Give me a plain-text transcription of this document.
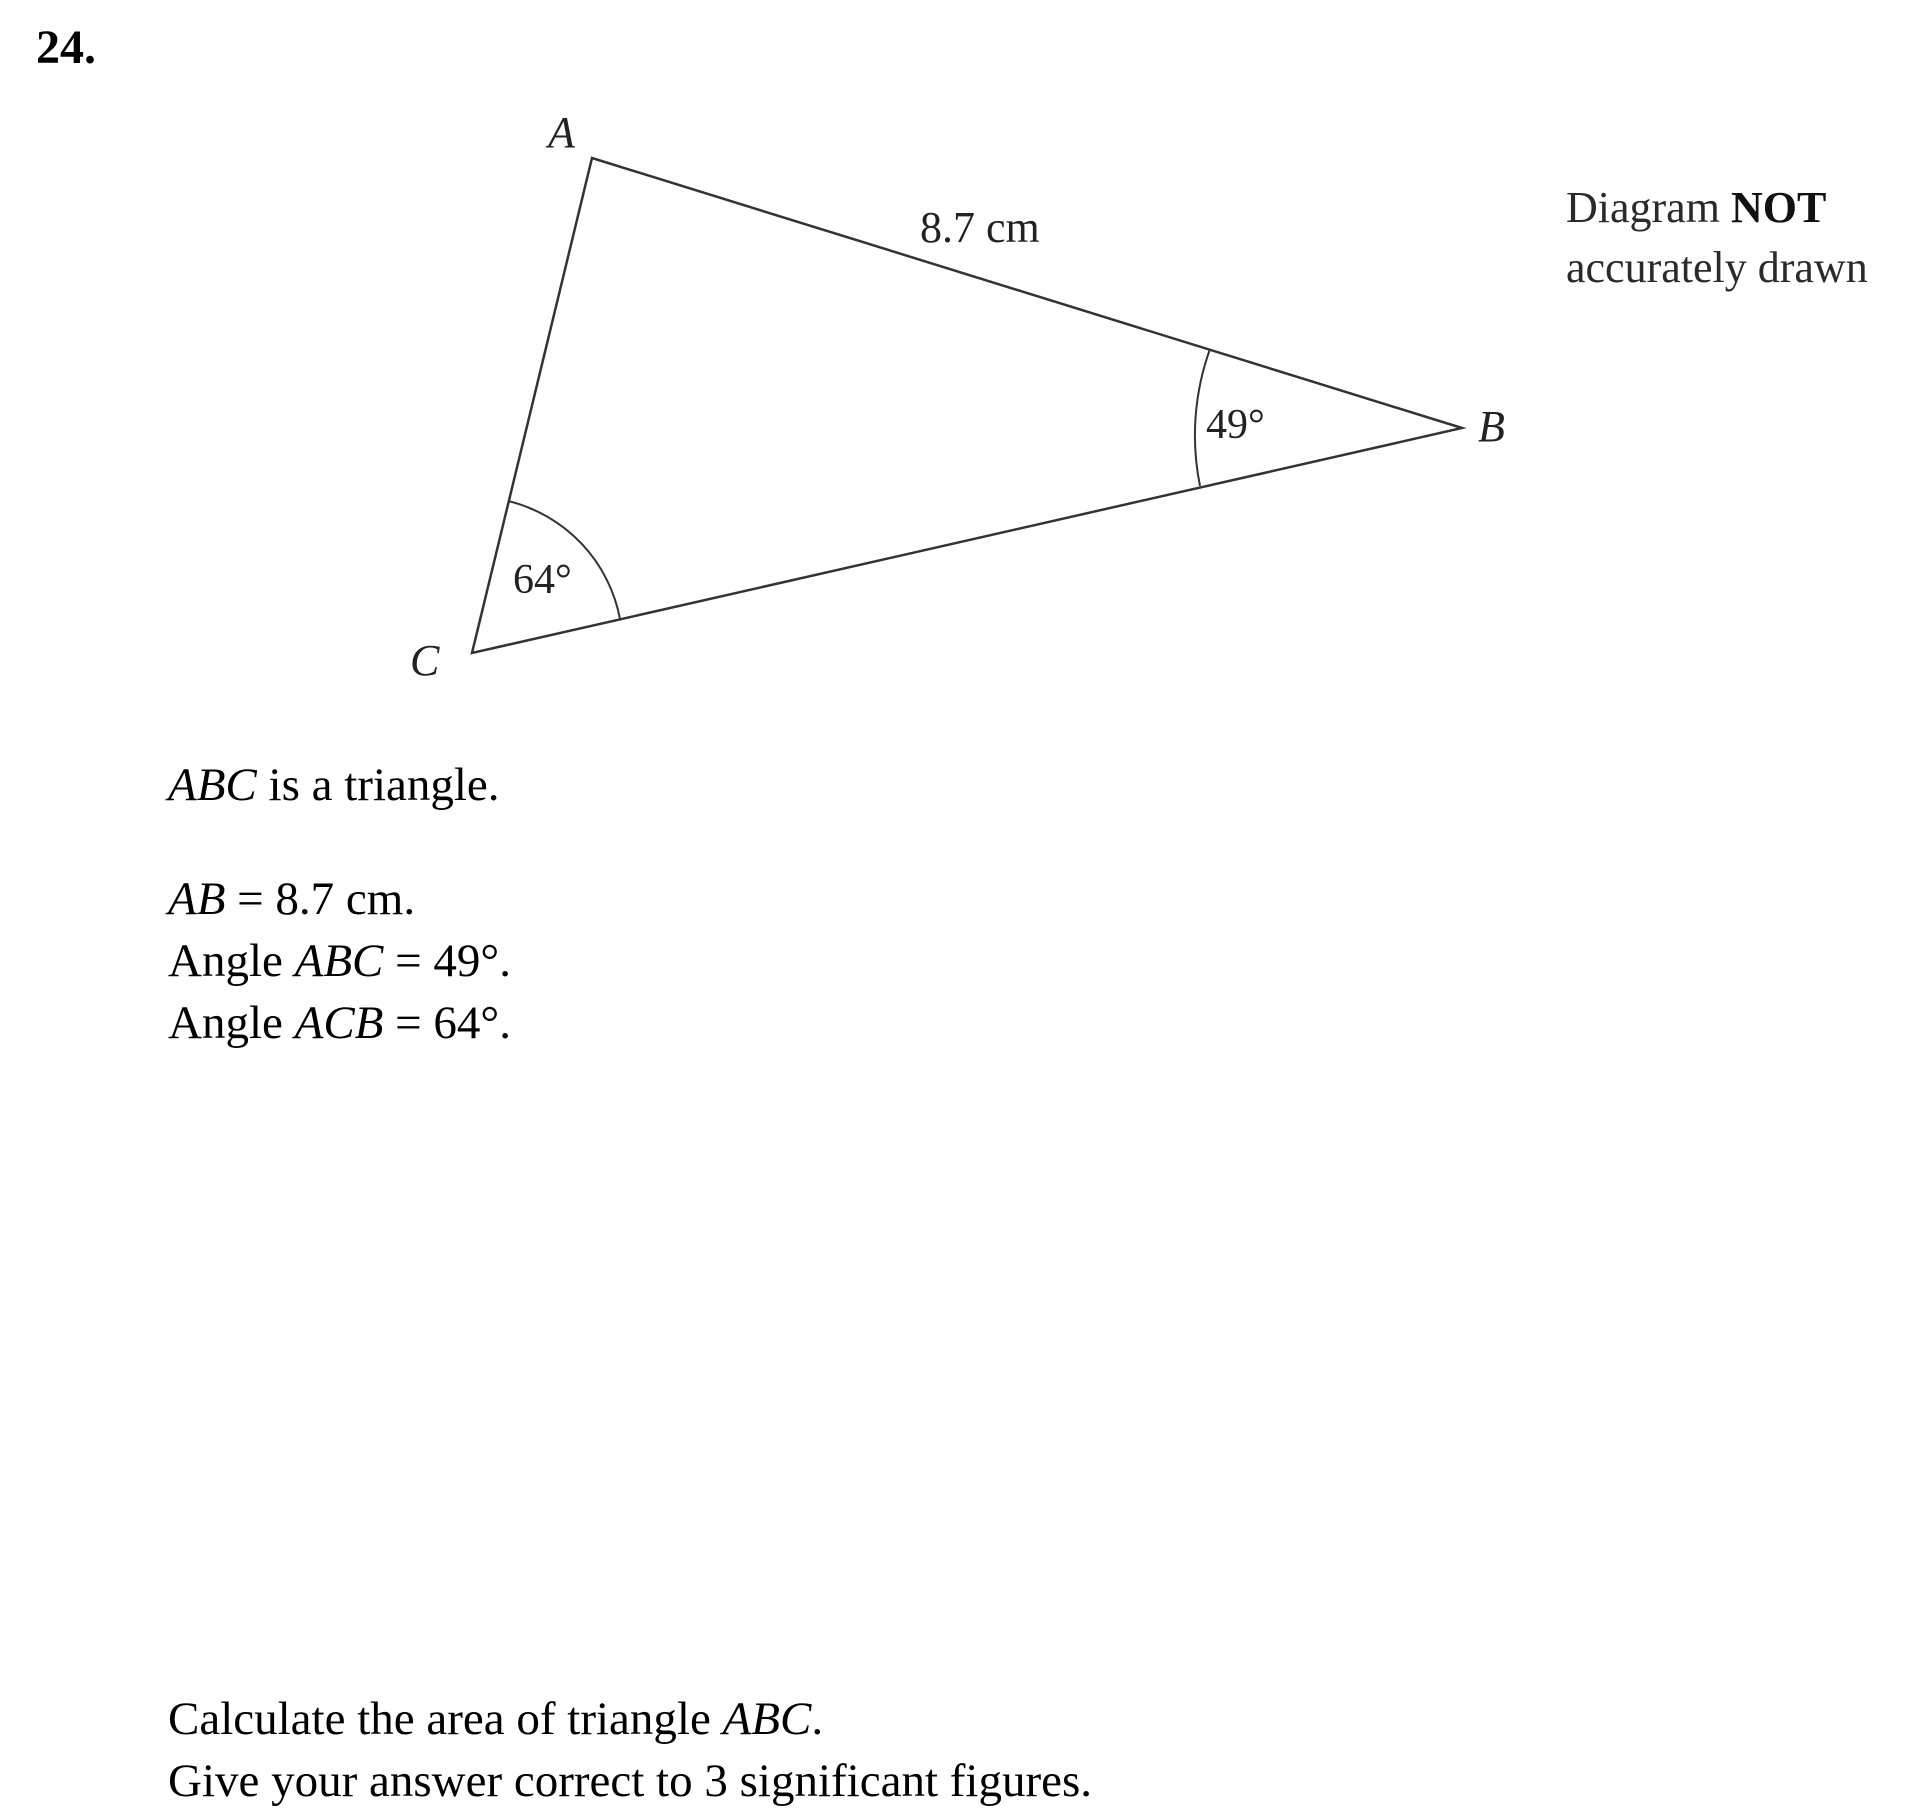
24.
A
B
C
8.7 cm
49°
64°
Diagram NOT
accurately drawn
ABC is a triangle.
AB = 8.7 cm.
Angle ABC = 49°.
Angle ACB = 64°.
Calculate the area of triangle ABC.
Give your answer correct to 3 significant figures.
